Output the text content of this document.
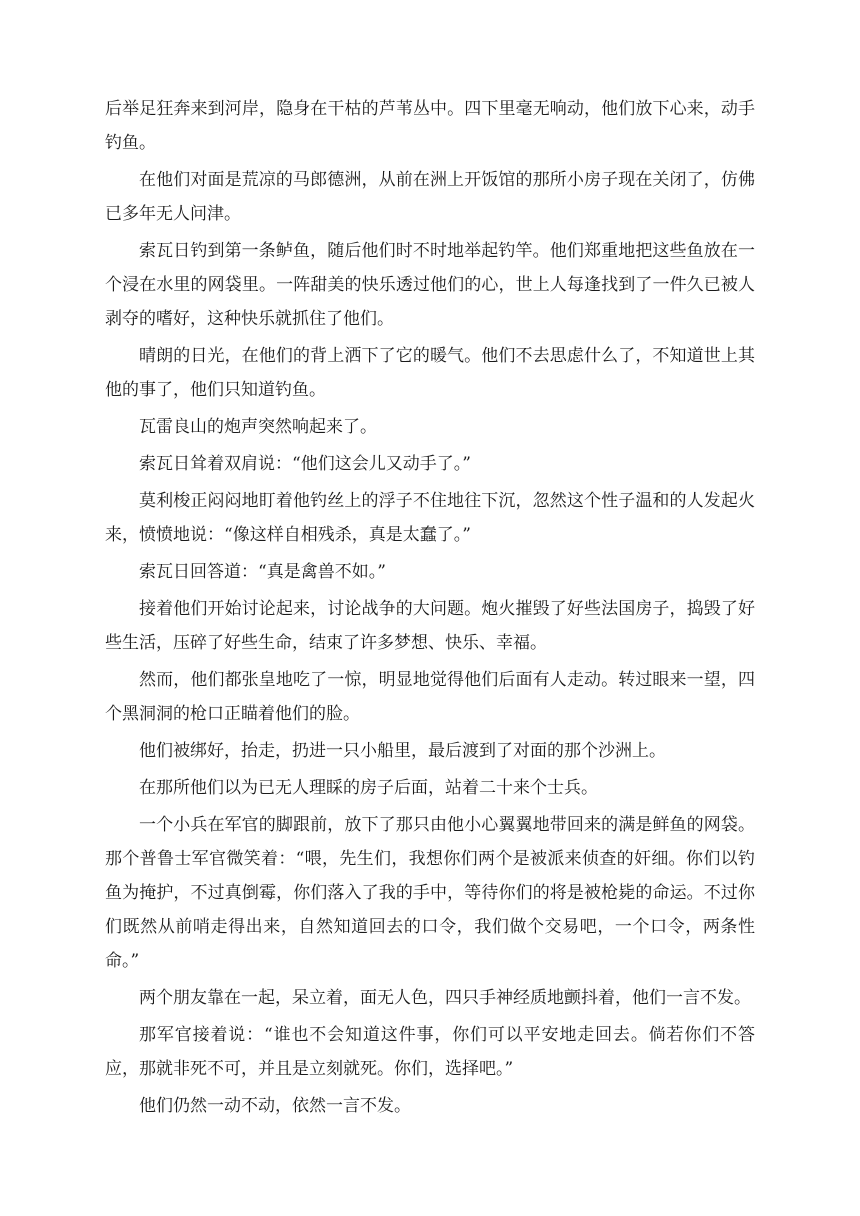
后举足狂奔来到河岸，隐身在干枯的芦苇丛中。四下里毫无响动，他们放下心来，动手钓鱼。

在他们对面是荒凉的马郎德洲，从前在洲上开饭馆的那所小房子现在关闭了，仿佛已多年无人问津。

索瓦日钓到第一条鲈鱼，随后他们时不时地举起钓竿。他们郑重地把这些鱼放在一个浸在水里的网袋里。一阵甜美的快乐透过他们的心，世上人每逢找到了一件久已被人剥夺的嗜好，这种快乐就抓住了他们。

晴朗的日光，在他们的背上洒下了它的暖气。他们不去思虑什么了，不知道世上其他的事了，他们只知道钓鱼。

瓦雷良山的炮声突然响起来了。

索瓦日耸着双肩说：“他们这会儿又动手了。”

莫利梭正闷闷地盯着他钓丝上的浮子不住地往下沉，忽然这个性子温和的人发起火来，愤愤地说：“像这样自相残杀，真是太蠢了。”

索瓦日回答道：“真是禽兽不如。”

接着他们开始讨论起来，讨论战争的大问题。炮火摧毁了好些法国房子，捣毁了好些生活，压碎了好些生命，结束了许多梦想、快乐、幸福。

然而，他们都张皇地吃了一惊，明显地觉得他们后面有人走动。转过眼来一望，四个黑洞洞的枪口正瞄着他们的脸。

他们被绑好，抬走，扔进一只小船里，最后渡到了对面的那个沙洲上。

在那所他们以为已无人理睬的房子后面，站着二十来个士兵。

一个小兵在军官的脚跟前，放下了那只由他小心翼翼地带回来的满是鲜鱼的网袋。那个普鲁士军官微笑着：“喂，先生们，我想你们两个是被派来侦查的奸细。你们以钓鱼为掩护，不过真倒霉，你们落入了我的手中，等待你们的将是被枪毙的命运。不过你们既然从前哨走得出来，自然知道回去的口令，我们做个交易吧，一个口令，两条性命。”

两个朋友靠在一起，呆立着，面无人色，四只手神经质地颤抖着，他们一言不发。

那军官接着说：“谁也不会知道这件事，你们可以平安地走回去。倘若你们不答应，那就非死不可，并且是立刻就死。你们，选择吧。”

他们仍然一动不动，依然一言不发。
